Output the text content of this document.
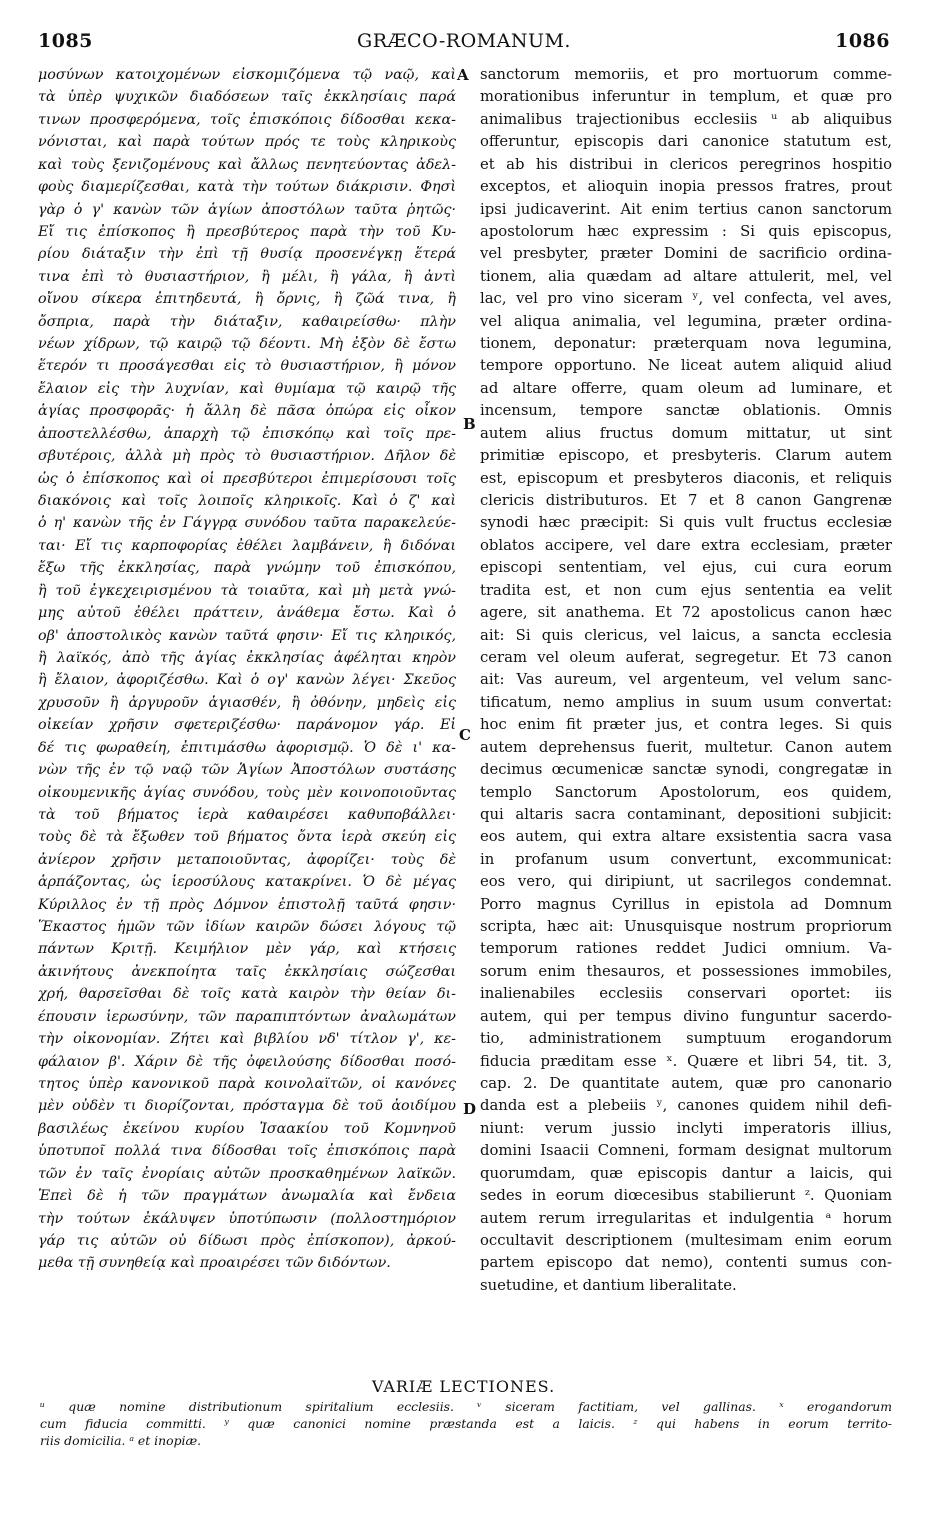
1085	GRÆCO-ROMANUM.	1086
μοσύνων κατοιχομένων εἰσκομιζόμενα τῷ ναῷ, καὶ
τὰ ὑπὲρ ψυχικῶν διαδόσεων ταῖς ἐκκλησίαις παρά
τινων προσφερόμενα, τοῖς ἐπισκόποις δίδοσθαι κεκα-
νόνισται, καὶ παρὰ τούτων πρός τε τοὺς κληρικοὺς
καὶ τοὺς ξενιζομένους καὶ ἄλλως πενητεύοντας ἀδελ-
φοὺς διαμερίζεσθαι, κατὰ τὴν τούτων διάκρισιν. Φησὶ
γὰρ ὁ γ' κανὼν τῶν ἁγίων ἀποστόλων ταῦτα ῥητῶς·
Εἴ τις ἐπίσκοπος ἢ πρεσβύτερος παρὰ τὴν τοῦ Κυ-
ρίου διάταξιν τὴν ἐπὶ τῇ θυσίᾳ προσενέγκῃ ἕτερά
τινα ἐπὶ τὸ θυσιαστήριον, ἢ μέλι, ἢ γάλα, ἢ ἀντὶ
οἴνου σίκερα ἐπιτηδευτά, ἢ ὄρνις, ἢ ζῶά τινα, ἢ
ὄσπρια, παρὰ τὴν διάταξιν, καθαιρείσθω· πλὴν
νέων χίδρων, τῷ καιρῷ τῷ δέοντι. Μὴ ἐξὸν δὲ ἔστω
ἕτερόν τι προσάγεσθαι εἰς τὸ θυσιαστήριον, ἢ μόνον
ἔλαιον εἰς τὴν λυχνίαν, καὶ θυμίαμα τῷ καιρῷ τῆς
ἁγίας προσφορᾶς· ἡ ἄλλη δὲ πᾶσα ὀπώρα εἰς οἶκον
ἀποστελλέσθω, ἀπαρχὴ τῷ ἐπισκόπῳ καὶ τοῖς πρε-
σβυτέροις, ἀλλὰ μὴ πρὸς τὸ θυσιαστήριον. Δῆλον δὲ
ὡς ὁ ἐπίσκοπος καὶ οἱ πρεσβύτεροι ἐπιμερίσουσι τοῖς
διακόνοις καὶ τοῖς λοιποῖς κληρικοῖς. Καὶ ὁ ζ' καὶ
ὁ η' κανὼν τῆς ἐν Γάγγρᾳ συνόδου ταῦτα παρακελεύε-
ται· Εἴ τις καρποφορίας ἐθέλει λαμβάνειν, ἢ διδόναι
ἔξω τῆς ἐκκλησίας, παρὰ γνώμην τοῦ ἐπισκόπου,
ἢ τοῦ ἐγκεχειρισμένου τὰ τοιαῦτα, καὶ μὴ μετὰ γνώ-
μης αὐτοῦ ἐθέλει πράττειν, ἀνάθεμα ἔστω. Καὶ ὁ
οβ' ἀποστολικὸς κανὼν ταῦτά φησιν· Εἴ τις κληρικός,
ἢ λαϊκός, ἀπὸ τῆς ἁγίας ἐκκλησίας ἀφέληται κηρὸν
ἢ ἔλαιον, ἀφοριζέσθω. Καὶ ὁ ογ' κανὼν λέγει· Σκεῦος
χρυσοῦν ἢ ἀργυροῦν ἁγιασθέν, ἢ ὀθόνην, μηδεὶς εἰς
οἰκείαν χρῆσιν σφετεριζέσθω· παράνομον γάρ. Εἰ
δέ τις φωραθείη, ἐπιτιμάσθω ἀφορισμῷ. Ὁ δὲ ι' κα-
νὼν τῆς ἐν τῷ ναῷ τῶν Ἁγίων Ἀποστόλων συστάσης
οἰκουμενικῆς ἁγίας συνόδου, τοὺς μὲν κοινοποιοῦντας
τὰ τοῦ βήματος ἱερὰ καθαιρέσει καθυποβάλλει·
τοὺς δὲ τὰ ἔξωθεν τοῦ βήματος ὄντα ἱερὰ σκεύη εἰς
ἀνίερον χρῆσιν μεταποιοῦντας, ἀφορίζει· τοὺς δὲ
ἁρπάζοντας, ὡς ἱεροσύλους κατακρίνει. Ὁ δὲ μέγας
Κύριλλος ἐν τῇ πρὸς Δόμνον ἐπιστολῇ ταῦτά φησιν·
Ἕκαστος ἡμῶν τῶν ἰδίων καιρῶν δώσει λόγους τῷ
πάντων Κριτῇ. Κειμήλιον μὲν γάρ, καὶ κτήσεις
ἀκινήτους ἀνεκποίητα ταῖς ἐκκλησίαις σώζεσθαι
χρή, θαρσεῖσθαι δὲ τοῖς κατὰ καιρὸν τὴν θείαν δι-
έπουσιν ἱερωσύνην, τῶν παραπιπτόντων ἀναλωμάτων
τὴν οἰκονομίαν. Ζήτει καὶ βιβλίου νδ' τίτλον γ', κε-
φάλαιον β'. Χάριν δὲ τῆς ὀφειλούσης δίδοσθαι ποσό-
τητος ὑπὲρ κανονικοῦ παρὰ κοινολαϊτῶν, οἱ κανόνες
μὲν οὐδὲν τι διορίζονται, πρόσταγμα δὲ τοῦ ἀοιδίμου
βασιλέως ἐκείνου κυρίου Ἰσαακίου τοῦ Κομνηνοῦ
ὑποτυποῖ πολλά τινα δίδοσθαι τοῖς ἐπισκόποις παρὰ
τῶν ἐν ταῖς ἐνορίαις αὐτῶν προσκαθημένων λαϊκῶν.
Ἐπεὶ δὲ ἡ τῶν πραγμάτων ἀνωμαλία καὶ ἔνδεια
τὴν τούτων ἐκάλυψεν ὑποτύπωσιν (πολλοστημόριον
γάρ τις αὐτῶν οὐ δίδωσι πρὸς ἐπίσκοπον), ἀρκού-
μεθα τῇ συνηθείᾳ καὶ προαιρέσει τῶν διδόντων.
sanctorum memoriis, et pro mortuorum comme-
morationibus inferuntur in templum, et quæ pro
animalibus trajectionibus ecclesiis ᵘ ab aliquibus
offeruntur, episcopis dari canonice statutum est,
et ab his distribui in clericos peregrinos hospitio
exceptos, et alioquin inopia pressos fratres, prout
ipsi judicaverint. Ait enim tertius canon sanctorum
apostolorum hæc expressim : Si quis episcopus,
vel presbyter, præter Domini de sacrificio ordina-
tionem, alia quædam ad altare attulerit, mel, vel
lac, vel pro vino siceram ʸ, vel confecta, vel aves,
vel aliqua animalia, vel legumina, præter ordina-
tionem, deponatur: præterquam nova legumina,
tempore opportuno. Ne liceat autem aliquid aliud
ad altare offerre, quam oleum ad luminare, et
incensum, tempore sanctæ oblationis. Omnis
autem alius fructus domum mittatur, ut sint
primitiæ episcopo, et presbyteris. Clarum autem
est, episcopum et presbyteros diaconis, et reliquis
clericis distributuros. Et 7 et 8 canon Gangrenæ
synodi hæc præcipit: Si quis vult fructus ecclesiæ
oblatos accipere, vel dare extra ecclesiam, præter
episcopi sententiam, vel ejus, cui cura eorum
tradita est, et non cum ejus sententia ea velit
agere, sit anathema. Et 72 apostolicus canon hæc
ait: Si quis clericus, vel laicus, a sancta ecclesia
ceram vel oleum auferat, segregetur. Et 73 canon
ait: Vas aureum, vel argenteum, vel velum sanc-
tificatum, nemo amplius in suum usum convertat:
hoc enim fit præter jus, et contra leges. Si quis
autem deprehensus fuerit, multetur. Canon autem
decimus œcumenicæ sanctæ synodi, congregatæ in
templo Sanctorum Apostolorum, eos quidem,
qui altaris sacra contaminant, depositioni subjicit:
eos autem, qui extra altare exsistentia sacra vasa
in profanum usum convertunt, excommunicat:
eos vero, qui diripiunt, ut sacrilegos condemnat.
Porro magnus Cyrillus in epistola ad Domnum
scripta, hæc ait: Unusquisque nostrum propriorum
temporum rationes reddet Judici omnium. Va-
sorum enim thesauros, et possessiones immobiles,
inalienabiles ecclesiis conservari oportet: iis
autem, qui per tempus divino funguntur sacerdo-
tio, administrationem sumptuum erogandorum
fiducia præditam esse ˣ. Quære et libri 54, tit. 3,
cap. 2. De quantitate autem, quæ pro canonario
danda est a plebeiis ʸ, canones quidem nihil defi-
niunt: verum jussio inclyti imperatoris illius,
domini Isaacii Comneni, formam designat multorum
quorumdam, quæ episcopis dantur a laicis, qui
sedes in eorum diœcesibus stabilierunt ᶻ. Quoniam
autem rerum irregularitas et indulgentia ᵃ horum
occultavit descriptionem (multesimam enim eorum
partem episcopo dat nemo), contenti sumus con-
suetudine, et dantium liberalitate.
A
B
C
D
VARIÆ LECTIONES.
ᵘ quæ nomine distributionum spiritalium ecclesiis. ᵛ siceram factitiam, vel gallinas. ˣ erogandorum
cum fiducia committi. ʸ quæ canonici nomine præstanda est a laicis. ᶻ qui habens in eorum territo-
riis domicilia. ᵃ et inopiæ.
